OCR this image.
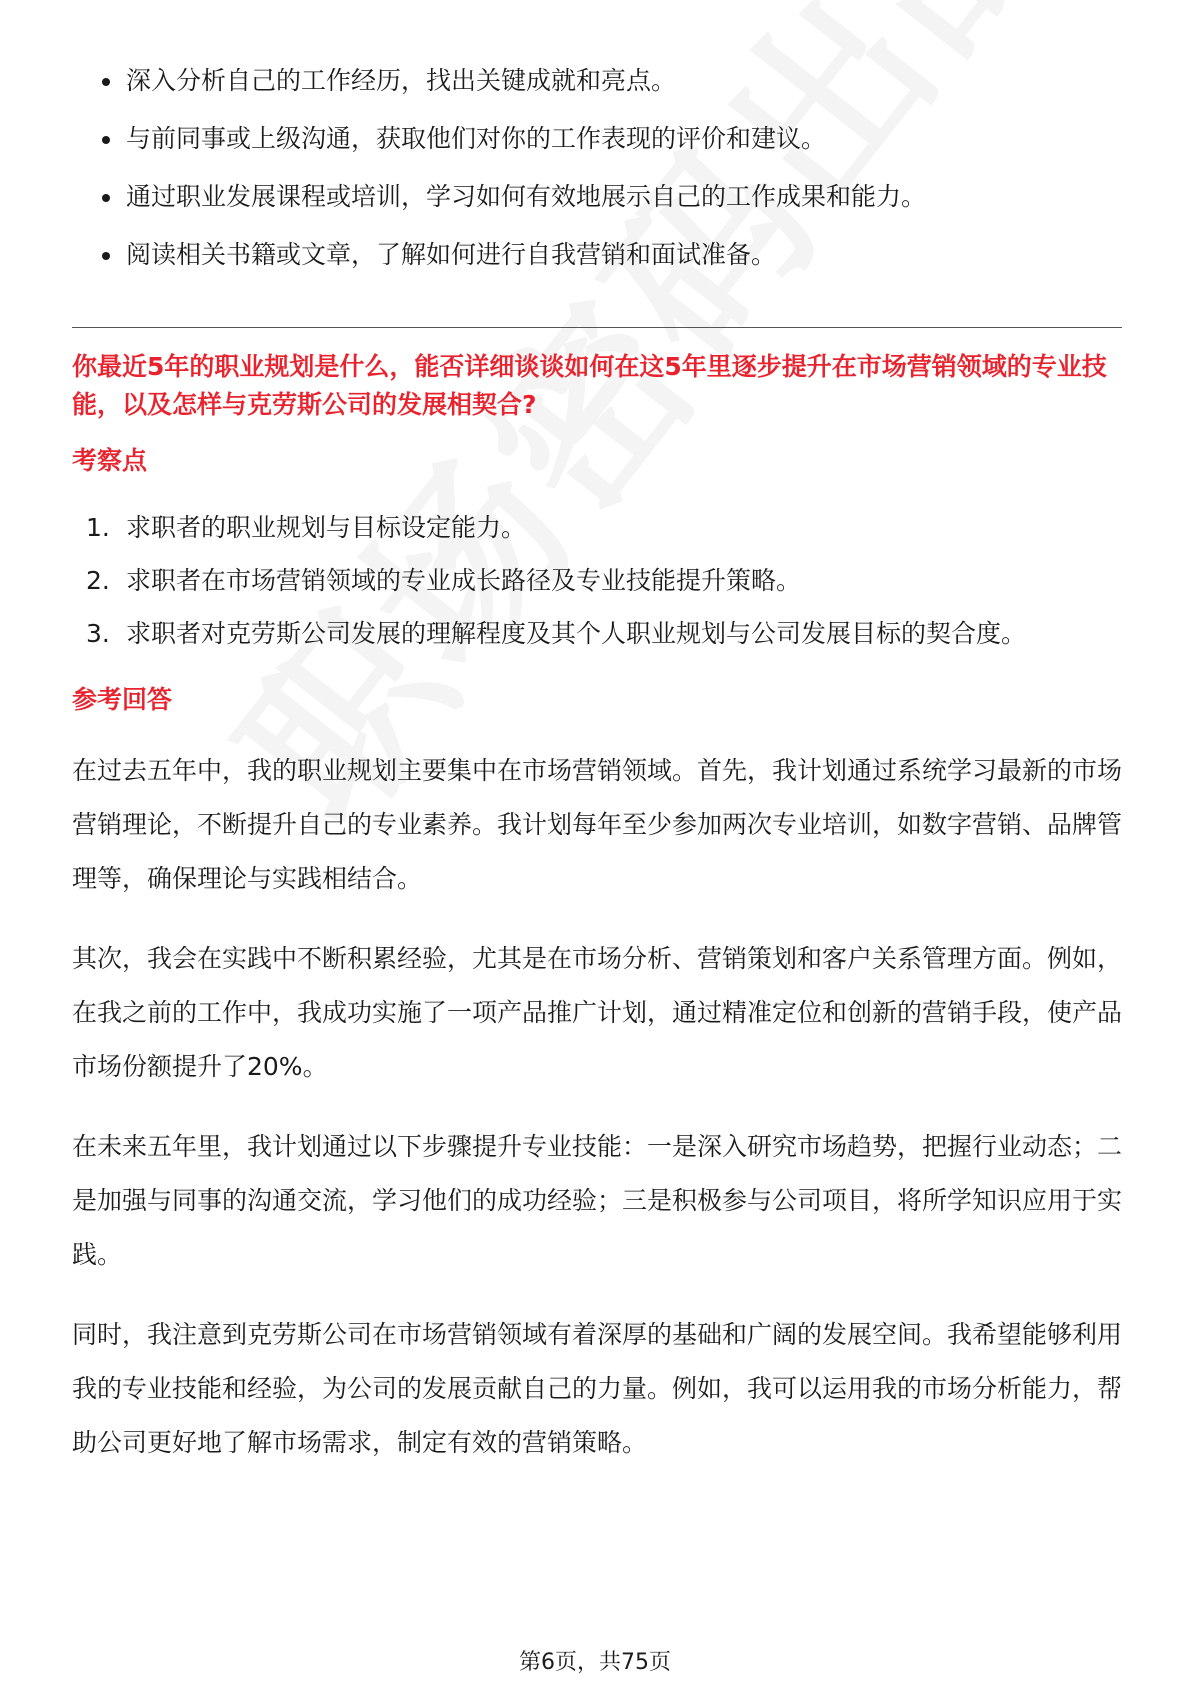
深入分析自己的工作经历，找出关键成就和亮点。
与前同事或上级沟通，获取他们对你的工作表现的评价和建议。
通过职业发展课程或培训，学习如何有效地展示自己的工作成果和能力。
阅读相关书籍或文章，了解如何进行自我营销和面试准备。
你最近5年的职业规划是什么，能否详细谈谈如何在这5年里逐步提升在市场营销领域的专业技能，以及怎样与克劳斯公司的发展相契合?
考察点
1. 求职者的职业规划与目标设定能力。
2. 求职者在市场营销领域的专业成长路径及专业技能提升策略。
3. 求职者对克劳斯公司发展的理解程度及其个人职业规划与公司发展目标的契合度。
参考回答

在过去五年中，我的职业规划主要集中在市场营销领域。首先，我计划通过系统学习最新的市场营销理论，不断提升自己的专业素养。我计划每年至少参加两次专业培训，如数字营销、品牌管理等，确保理论与实践相结合。

其次，我会在实践中不断积累经验，尤其是在市场分析、营销策划和客户关系管理方面。例如，在我之前的工作中，我成功实施了一项产品推广计划，通过精准定位和创新的营销手段，使产品市场份额提升了20%。

在未来五年里，我计划通过以下步骤提升专业技能：一是深入研究市场趋势，把握行业动态；二是加强与同事的沟通交流，学习他们的成功经验；三是积极参与公司项目，将所学知识应用于实践。

同时，我注意到克劳斯公司在市场营销领域有着深厚的基础和广阔的发展空间。我希望能够利用我的专业技能和经验，为公司的发展贡献自己的力量。例如，我可以运用我的市场分析能力，帮助公司更好地了解市场需求，制定有效的营销策略。

第6页，共75页
